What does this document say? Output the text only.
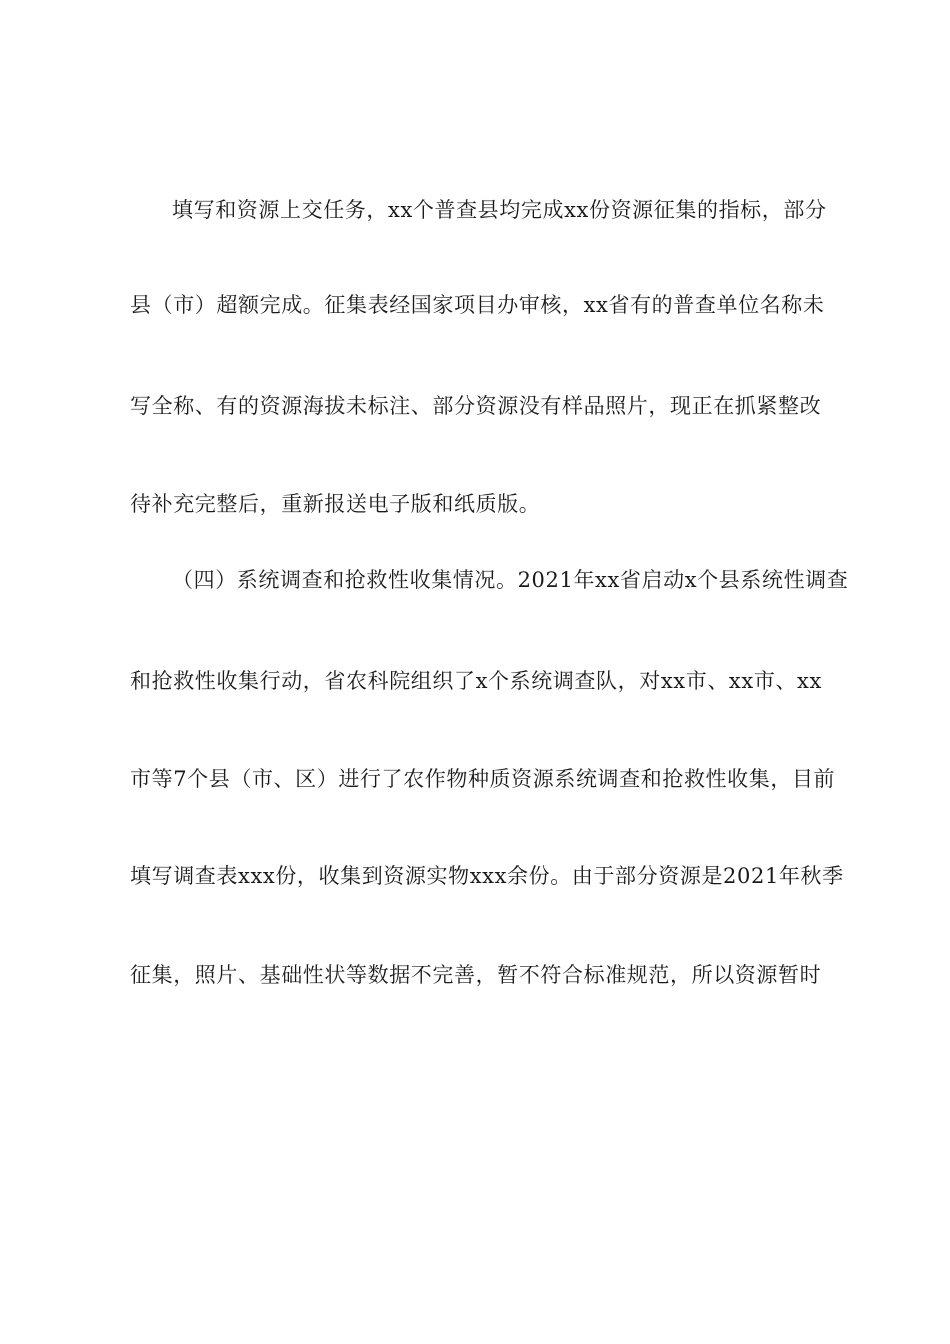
填写和资源上交任务，xx个普查县均完成xx份资源征集的指标，部分
县（市）超额完成。征集表经国家项目办审核，xx省有的普查单位名称未
写全称、有的资源海拔未标注、部分资源没有样品照片，现正在抓紧整改
待补充完整后，重新报送电子版和纸质版。
（四）系统调查和抢救性收集情况。2021年xx省启动x个县系统性调查
和抢救性收集行动，省农科院组织了x个系统调查队，对xx市、xx市、xx
市等7个县（市、区）进行了农作物种质资源系统调查和抢救性收集，目前
填写调查表xxx份，收集到资源实物xxx余份。由于部分资源是2021年秋季
征集，照片、基础性状等数据不完善，暂不符合标准规范，所以资源暂时
